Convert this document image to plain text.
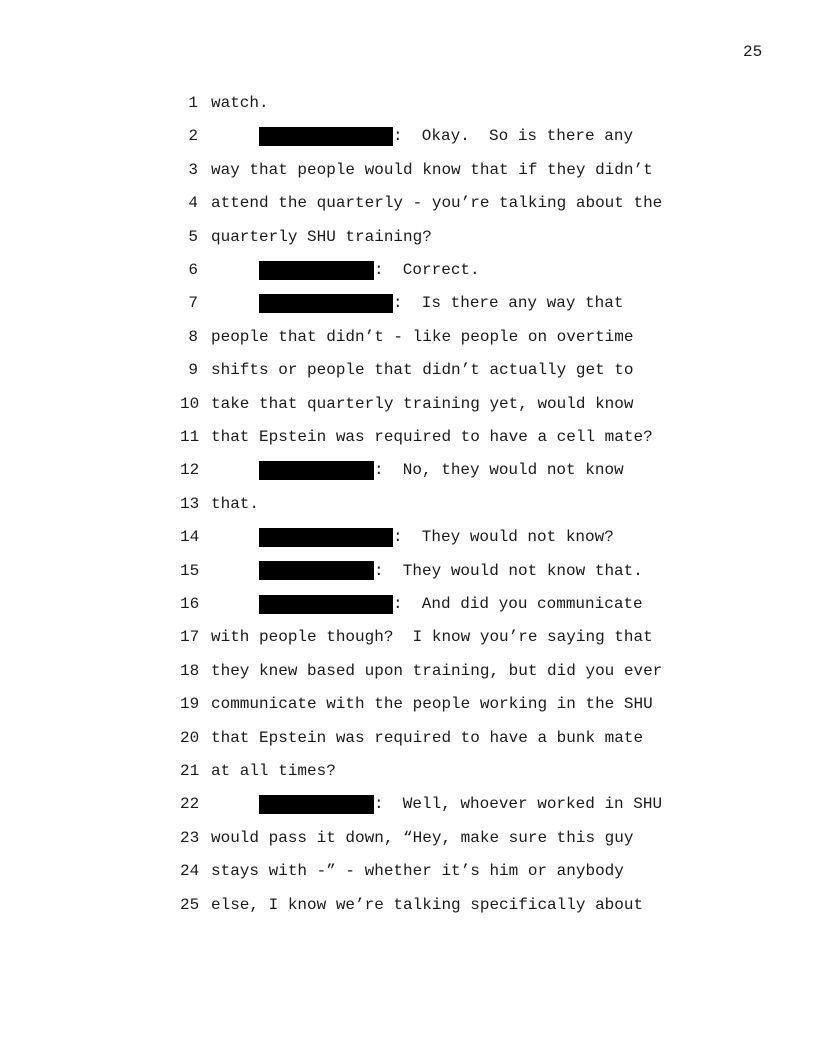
25
1 watch.
2	:  Okay.  So is there any
3 way that people would know that if they didn’t
4 attend the quarterly - you’re talking about the
5 quarterly SHU training?
6	:  Correct.
7	:  Is there any way that
8 people that didn’t - like people on overtime
9 shifts or people that didn’t actually get to
10 take that quarterly training yet, would know
11 that Epstein was required to have a cell mate?
12	:  No, they would not know
13 that.
14	:  They would not know?
15	:  They would not know that.
16	:  And did you communicate
17 with people though?  I know you’re saying that
18 they knew based upon training, but did you ever
19 communicate with the people working in the SHU
20 that Epstein was required to have a bunk mate
21 at all times?
22	:  Well, whoever worked in SHU
23 would pass it down, “Hey, make sure this guy
24 stays with -” - whether it’s him or anybody
25 else, I know we’re talking specifically about
